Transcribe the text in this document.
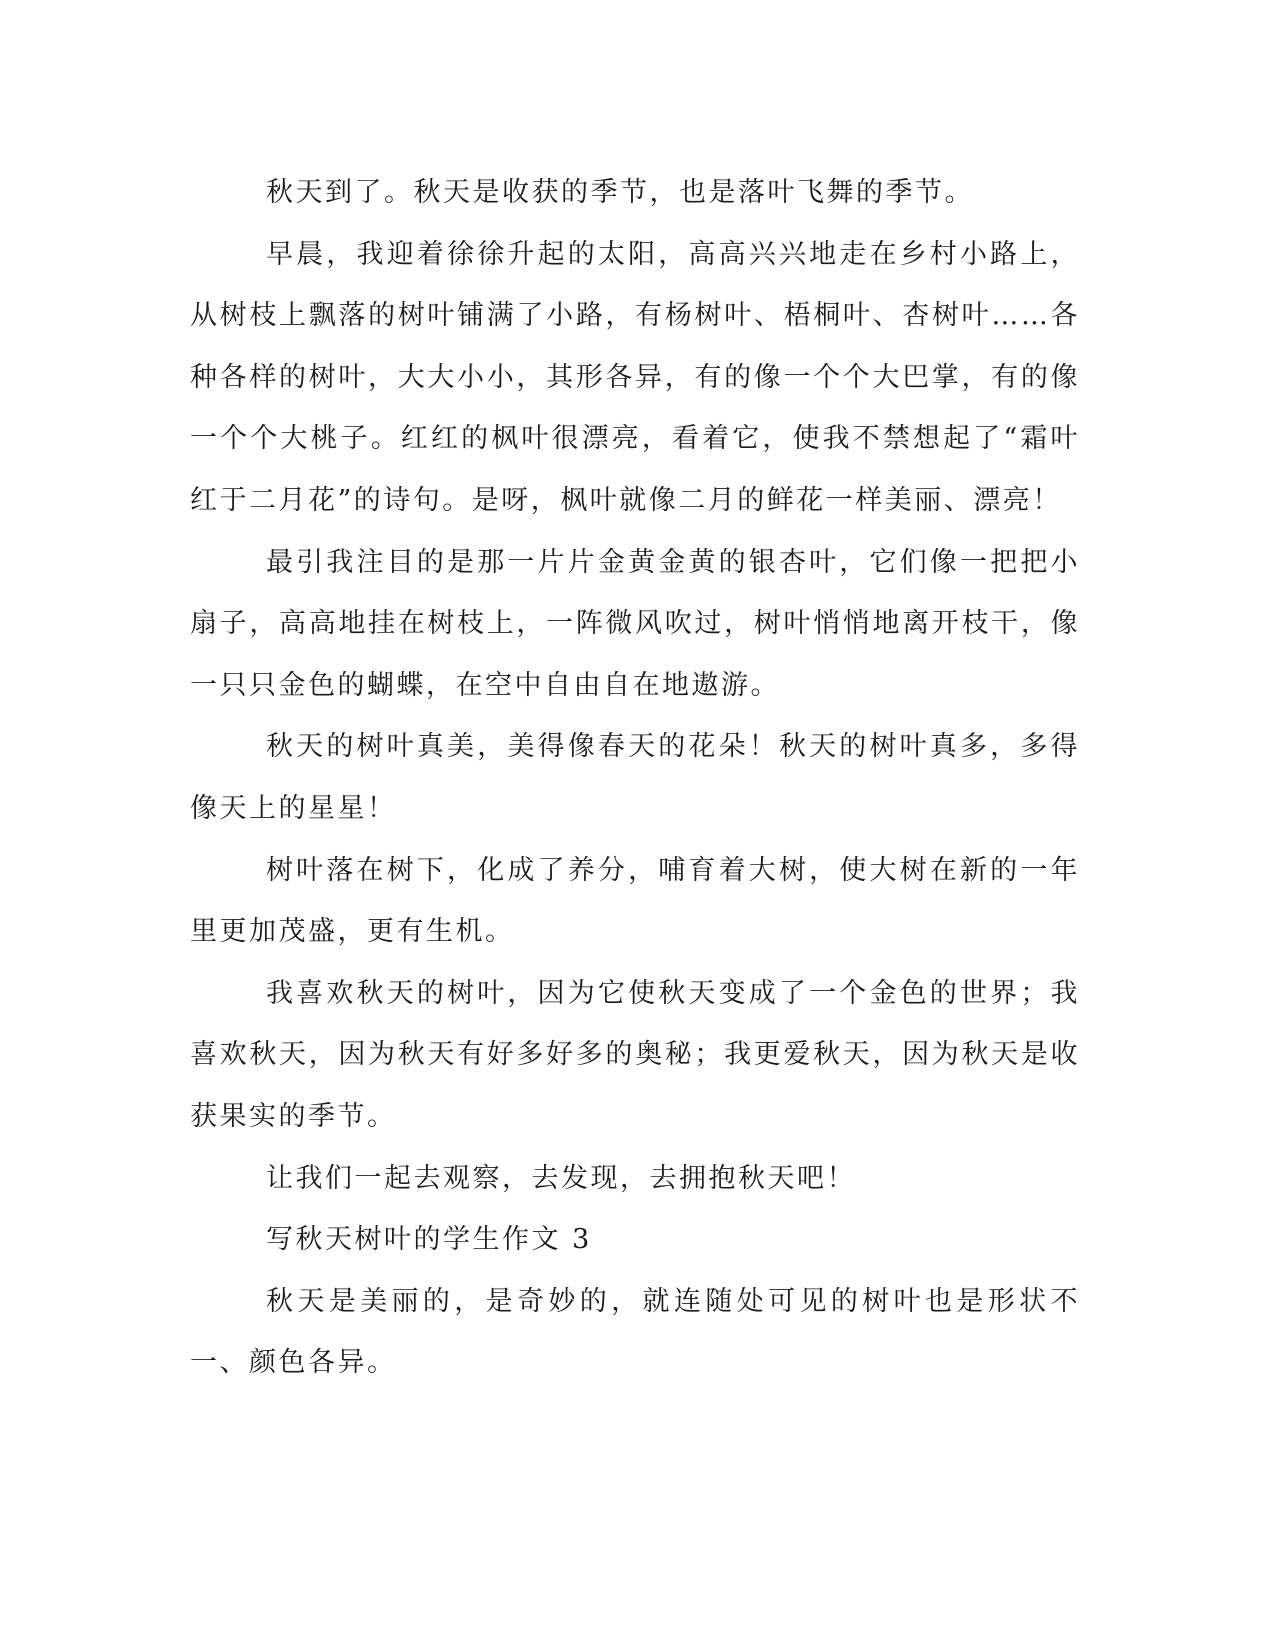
秋天到了。秋天是收获的季节，也是落叶飞舞的季节。

早晨，我迎着徐徐升起的太阳，高高兴兴地走在乡村小路上，从树枝上飘落的树叶铺满了小路，有杨树叶、梧桐叶、杏树叶……各种各样的树叶，大大小小，其形各异，有的像一个个大巴掌，有的像一个个大桃子。红红的枫叶很漂亮，看着它，使我不禁想起了“霜叶红于二月花”的诗句。是呀，枫叶就像二月的鲜花一样美丽、漂亮！

最引我注目的是那一片片金黄金黄的银杏叶，它们像一把把小扇子，高高地挂在树枝上，一阵微风吹过，树叶悄悄地离开枝干，像一只只金色的蝴蝶，在空中自由自在地遨游。

秋天的树叶真美，美得像春天的花朵！秋天的树叶真多，多得像天上的星星！

树叶落在树下，化成了养分，哺育着大树，使大树在新的一年里更加茂盛，更有生机。

我喜欢秋天的树叶，因为它使秋天变成了一个金色的世界；我喜欢秋天，因为秋天有好多好多的奥秘；我更爱秋天，因为秋天是收获果实的季节。

让我们一起去观察，去发现，去拥抱秋天吧！

写秋天树叶的学生作文 3

秋天是美丽的，是奇妙的，就连随处可见的树叶也是形状不一、颜色各异。
